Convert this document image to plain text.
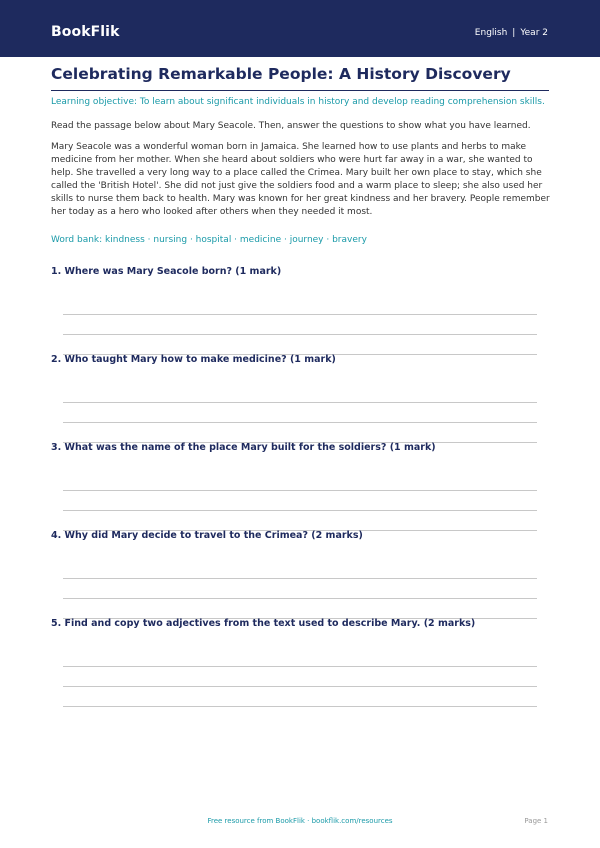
BookFlik	English | Year 2
Celebrating Remarkable People: A History Discovery
Learning objective: To learn about significant individuals in history and develop reading comprehension skills.
Read the passage below about Mary Seacole. Then, answer the questions to show what you have learned.
Mary Seacole was a wonderful woman born in Jamaica. She learned how to use plants and herbs to make medicine from her mother. When she heard about soldiers who were hurt far away in a war, she wanted to help. She travelled a very long way to a place called the Crimea. Mary built her own place to stay, which she called the 'British Hotel'. She did not just give the soldiers food and a warm place to sleep; she also used her skills to nurse them back to health. Mary was known for her great kindness and her bravery. People remember her today as a hero who looked after others when they needed it most.
Word bank: kindness · nursing · hospital · medicine · journey · bravery
1. Where was Mary Seacole born? (1 mark)
2. Who taught Mary how to make medicine? (1 mark)
3. What was the name of the place Mary built for the soldiers? (1 mark)
4. Why did Mary decide to travel to the Crimea? (2 marks)
5. Find and copy two adjectives from the text used to describe Mary. (2 marks)
Free resource from BookFlik · bookflik.com/resources	Page 1
